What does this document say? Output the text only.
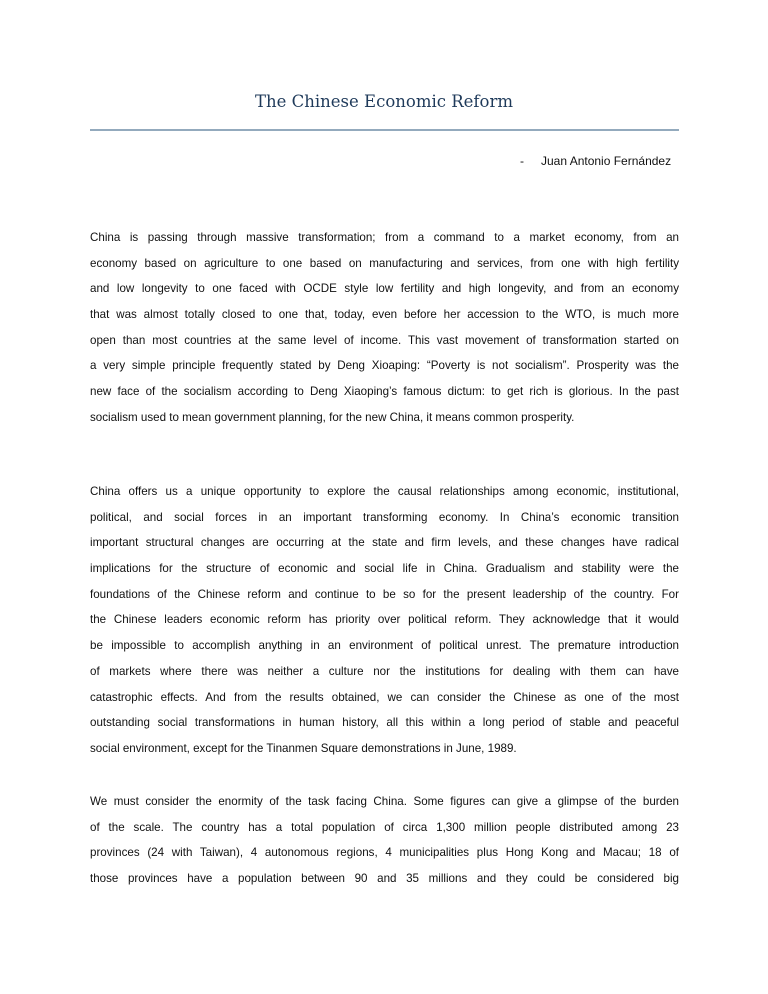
The Chinese Economic Reform
- Juan Antonio Fernández
China is passing through massive transformation; from a command to a market economy, from an
economy based on agriculture to one based on manufacturing and services, from one with high fertility
and low longevity to one faced with OCDE style low fertility and high longevity, and from an economy
that was almost totally closed to one that, today, even before her accession to the WTO, is much more
open than most countries at the same level of income. This vast movement of transformation started on
a very simple principle frequently stated by Deng Xioaping: “Poverty is not socialism”. Prosperity was the
new face of the socialism according to Deng Xiaoping’s famous dictum: to get rich is glorious. In the past
socialism used to mean government planning, for the new China, it means common prosperity.
China offers us a unique opportunity to explore the causal relationships among economic, institutional,
political, and social forces in an important transforming economy. In China’s economic transition
important structural changes are occurring at the state and firm levels, and these changes have radical
implications for the structure of economic and social life in China. Gradualism and stability were the
foundations of the Chinese reform and continue to be so for the present leadership of the country. For
the Chinese leaders economic reform has priority over political reform. They acknowledge that it would
be impossible to accomplish anything in an environment of political unrest. The premature introduction
of markets where there was neither a culture nor the institutions for dealing with them can have
catastrophic effects. And from the results obtained, we can consider the Chinese as one of the most
outstanding social transformations in human history, all this within a long period of stable and peaceful
social environment, except for the Tinanmen Square demonstrations in June, 1989.
We must consider the enormity of the task facing China. Some figures can give a glimpse of the burden
of the scale. The country has a total population of circa 1,300 million people distributed among 23
provinces (24 with Taiwan), 4 autonomous regions, 4 municipalities plus Hong Kong and Macau; 18 of
those provinces have a population between 90 and 35 millions and they could be considered big
